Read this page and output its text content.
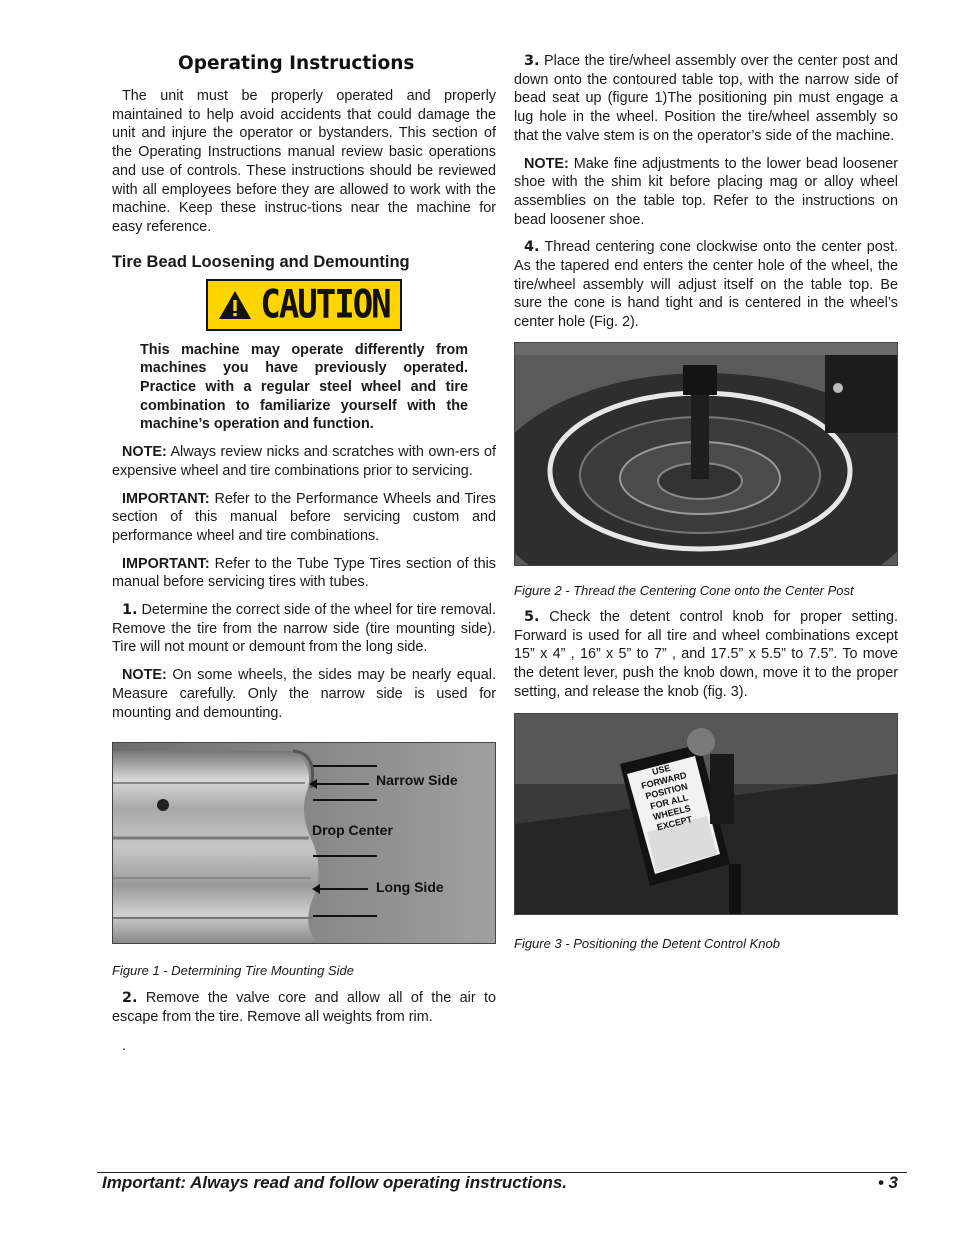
Operating Instructions

The unit must be properly operated and properly maintained to help avoid accidents that could damage the unit and injure the operator or bystanders. This section of the Operating Instructions manual review basic operations and use of controls. These instructions should be reviewed with all employees before they are allowed to work with the machine. Keep these instruc-tions near the machine for easy reference.

Tire Bead Loosening and Demounting
CAUTION

This machine may operate differently from machines you have previously operated. Practice with a regular steel wheel and tire combination to familiarize yourself with the machine’s operation and function.

NOTE: Always review nicks and scratches with own-ers of expensive wheel and tire combinations prior to servicing.

IMPORTANT: Refer to the Performance Wheels and Tires section of this manual before servicing custom and performance wheel and tire combinations.

IMPORTANT: Refer to the Tube Type Tires section of this manual before servicing tires with tubes.

1. Determine the correct side of the wheel for tire removal. Remove the tire from the narrow side (tire mounting side). Tire will not mount or demount from the long side.

NOTE: On some wheels, the sides may be nearly equal. Measure carefully. Only the narrow side is used for mounting and demounting.

Narrow Side
Drop Center
Long Side

Figure 1 - Determining Tire Mounting Side

2. Remove the valve core and allow all of the air to escape from the tire. Remove all weights from rim.

.

3. Place the tire/wheel assembly over the center post and down onto the contoured table top, with the narrow side of bead seat up (figure 1)The positioning pin must engage a lug hole in the wheel. Position the tire/wheel assembly so that the valve stem is on the operator’s side of the machine.

NOTE: Make fine adjustments to the lower bead loosener shoe with the shim kit before placing mag or alloy wheel assemblies on the table top. Refer to the instructions on bead loosener shoe.

4. Thread centering cone clockwise onto the center post. As the tapered end enters the center hole of the wheel, the tire/wheel assembly will adjust itself on the table top. Be sure the cone is hand tight and is centered in the wheel’s center hole (Fig. 2).

Figure 2 - Thread the Centering Cone onto the Center Post

5. Check the detent control knob for proper setting. Forward is used for all tire and wheel combinations except 15” x 4” , 16” x 5” to 7” , and 17.5” x 5.5” to 7.5”. To move the detent lever, push the knob down, move it to the proper setting, and release the knob (fig. 3).

USE FORWARD POSITION FOR ALL WHEELS EXCEPT

Figure 3 - Positioning the Detent Control Knob

Important: Always read and follow operating instructions.	• 3
